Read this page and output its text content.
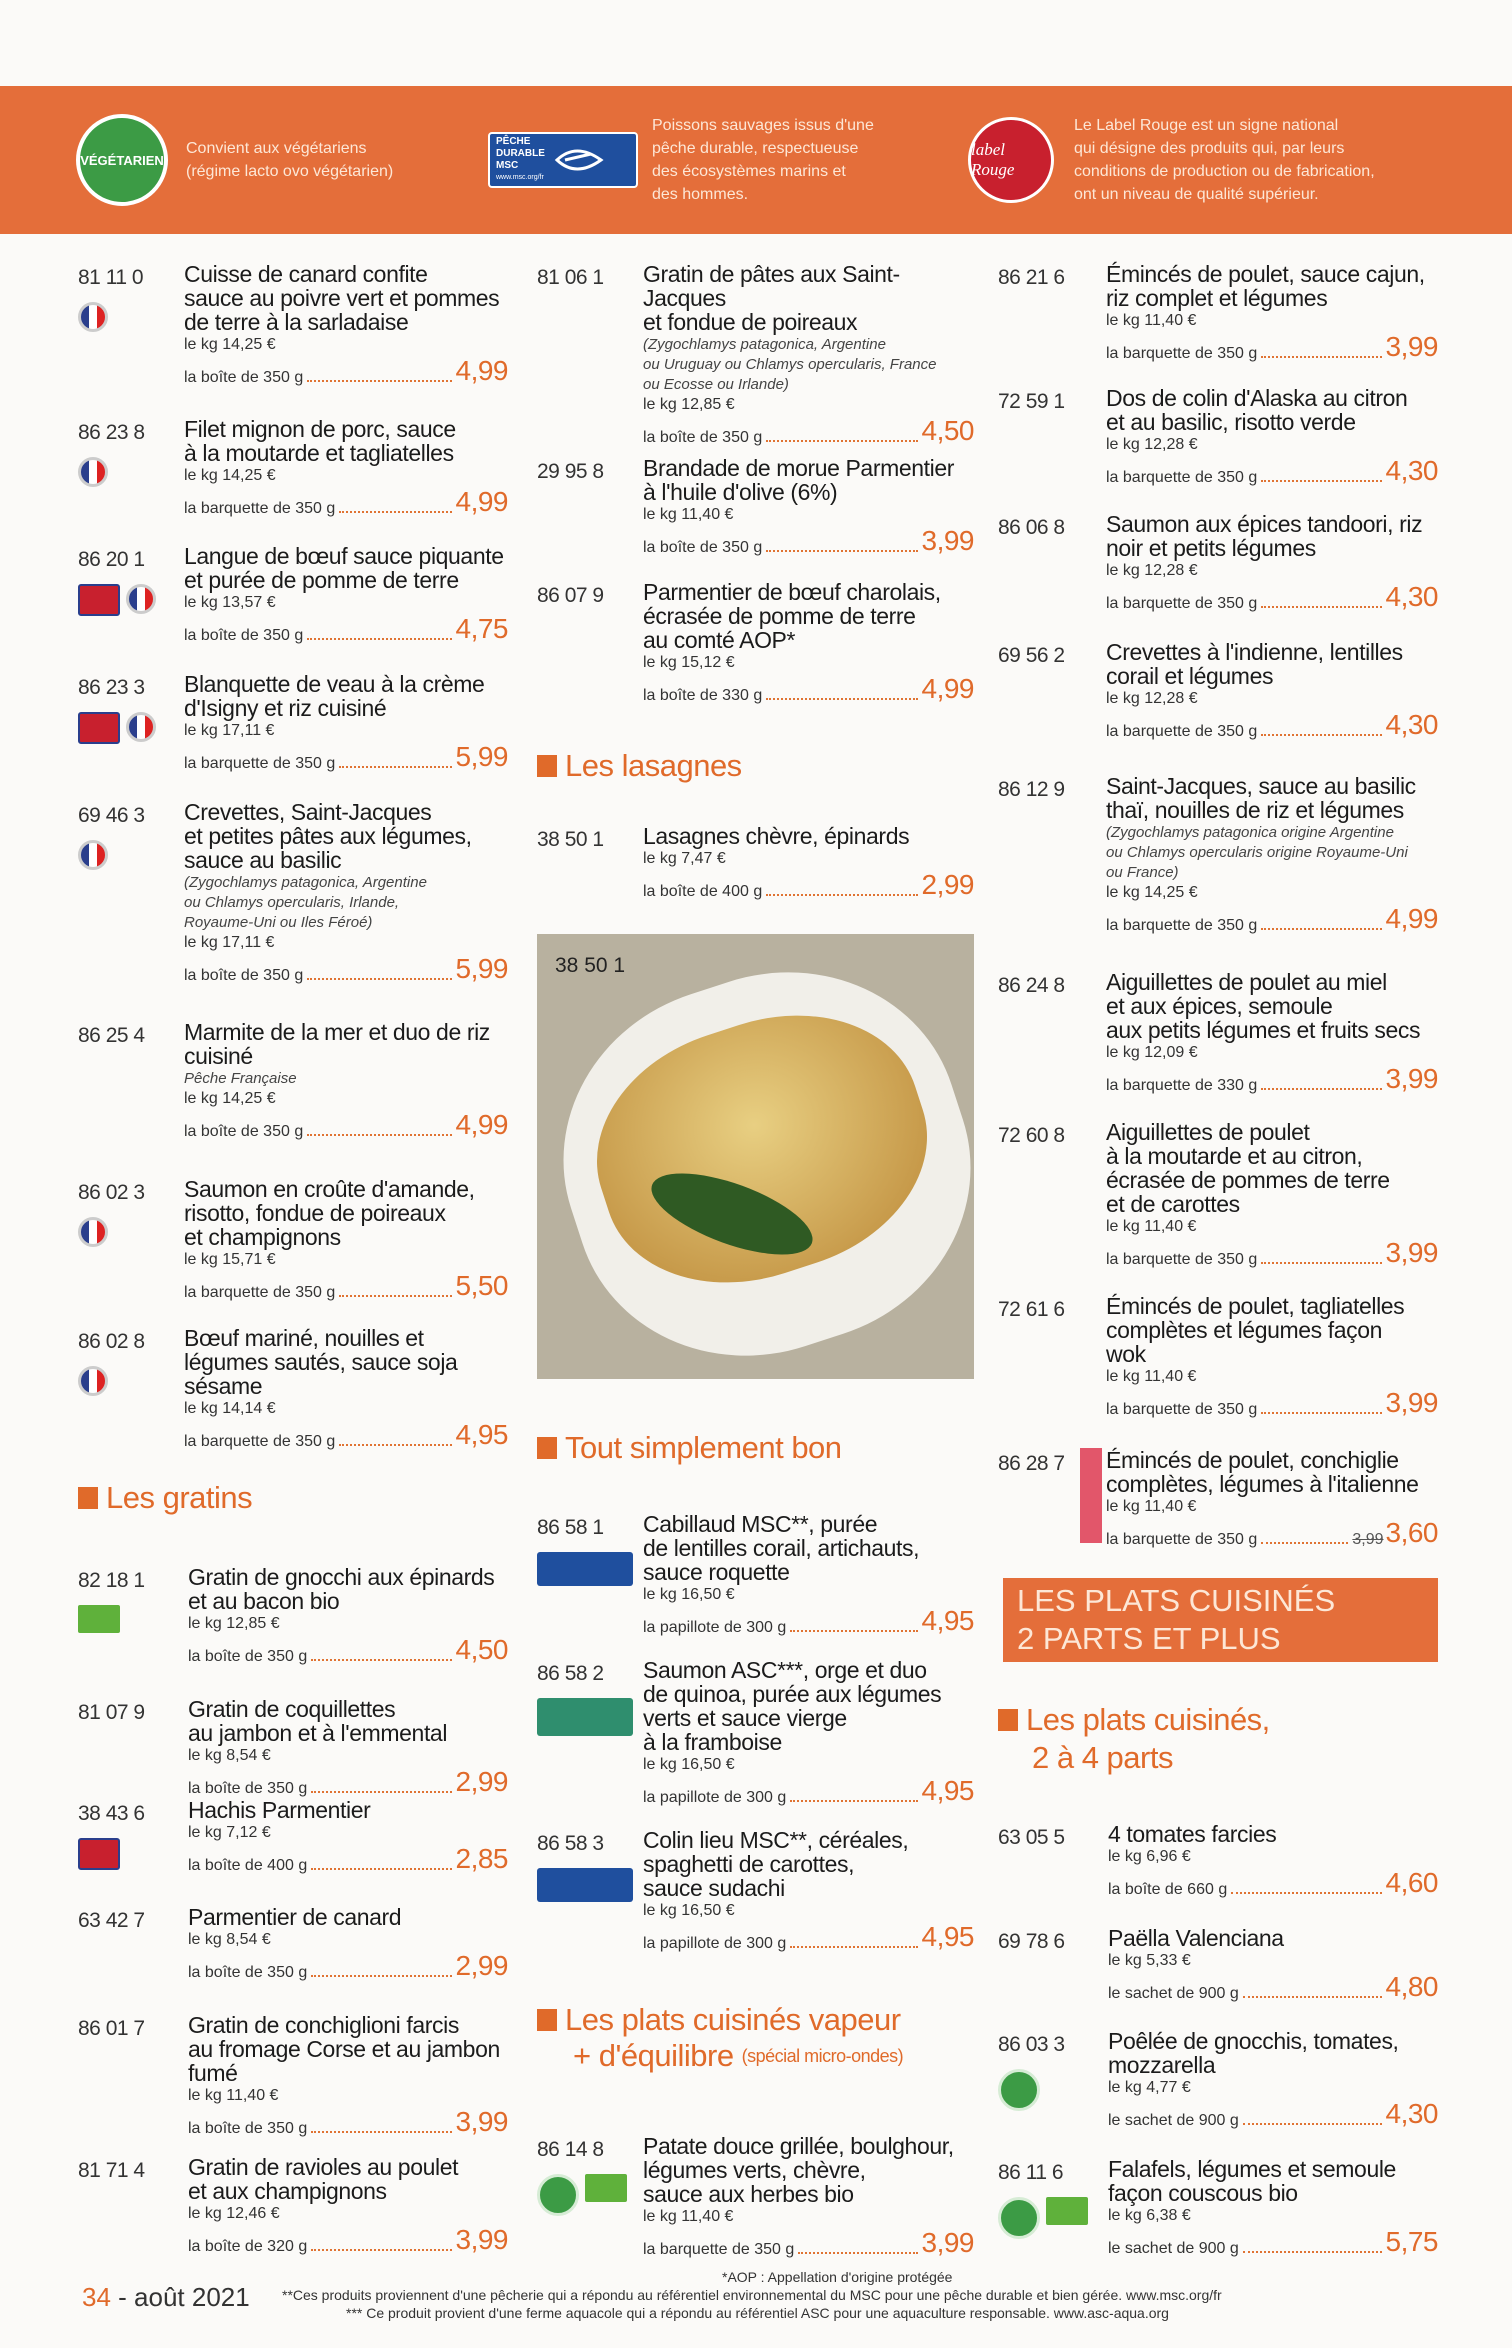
VÉGÉTARIEN
Convient aux végétariens
(régime lacto ovo végétarien)
PÊCHE
DURABLE
MSC
www.msc.org/fr
Poissons sauvages issus d'une
pêche durable, respectueuse
des écosystèmes marins et
des hommes.
label Rouge
Le Label Rouge est un signe national
qui désigne des produits qui, par leurs
conditions de production ou de fabrication,
ont un niveau de qualité supérieur.
81 11 0 Cuisse de canard confite
sauce au poivre vert et pommes
de terre à la sarladaise
le kg 14,25 €
la boîte de 350 g	4,99
86 23 8 Filet mignon de porc, sauce
à la moutarde et tagliatelles
le kg 14,25 €
la barquette de 350 g	4,99
86 20 1 Langue de bœuf sauce piquante
et purée de pomme de terre
le kg 13,57 €
la boîte de 350 g	4,75
86 23 3 Blanquette de veau à la crème
d'Isigny et riz cuisiné
le kg 17,11 €
la barquette de 350 g	5,99
69 46 3 Crevettes, Saint-Jacques
et petites pâtes aux légumes,
sauce au basilic
(Zygochlamys patagonica, Argentine
ou Chlamys opercularis, Irlande,
Royaume-Uni ou Iles Féroé)
le kg 17,11 €
la boîte de 350 g	5,99
86 25 4 Marmite de la mer et duo de riz
cuisiné
Pêche Française
le kg 14,25 €
la boîte de 350 g	4,99
86 02 3 Saumon en croûte d'amande,
risotto, fondue de poireaux
et champignons
le kg 15,71 €
la barquette de 350 g	5,50
86 02 8 Bœuf mariné, nouilles et
légumes sautés, sauce soja
sésame
le kg 14,14 €
la barquette de 350 g	4,95
Les gratins
82 18 1 Gratin de gnocchi aux épinards
et au bacon bio
le kg 12,85 €
la boîte de 350 g	4,50
81 07 9 Gratin de coquillettes
au jambon et à l'emmental
le kg 8,54 €
la boîte de 350 g	2,99
38 43 6 Hachis Parmentier
le kg 7,12 €
la boîte de 400 g	2,85
63 42 7 Parmentier de canard
le kg 8,54 €
la boîte de 350 g	2,99
86 01 7 Gratin de conchiglioni farcis
au fromage Corse et au jambon
fumé
le kg 11,40 €
la boîte de 350 g	3,99
81 71 4 Gratin de ravioles au poulet
et aux champignons
le kg 12,46 €
la boîte de 320 g	3,99
81 06 1 Gratin de pâtes aux Saint-Jacques
et fondue de poireaux
(Zygochlamys patagonica, Argentine
ou Uruguay ou Chlamys opercularis, France
ou Ecosse ou Irlande)
le kg 12,85 €
la boîte de 350 g	4,50
29 95 8 Brandade de morue Parmentier
à l'huile d'olive (6%)
le kg 11,40 €
la boîte de 350 g	3,99
86 07 9 Parmentier de bœuf charolais,
écrasée de pomme de terre
au comté AOP*
le kg 15,12 €
la boîte de 330 g	4,99
Les lasagnes
38 50 1 Lasagnes chèvre, épinards
le kg 7,47 €
la boîte de 400 g	2,99
Tout simplement bon
86 58 1 Cabillaud MSC**, purée
de lentilles corail, artichauts,
sauce roquette
le kg 16,50 €
la papillote de 300 g	4,95
86 58 2 Saumon ASC***, orge et duo
de quinoa, purée aux légumes
verts et sauce vierge
à la framboise
le kg 16,50 €
la papillote de 300 g	4,95
86 58 3 Colin lieu MSC**, céréales,
spaghetti de carottes,
sauce sudachi
le kg 16,50 €
la papillote de 300 g	4,95
Les plats cuisinés vapeur
+ d'équilibre (spécial micro-ondes)
86 14 8 Patate douce grillée, boulghour,
légumes verts, chèvre,
sauce aux herbes bio
le kg 11,40 €
la barquette de 350 g	3,99
86 21 6 Émincés de poulet, sauce cajun,
riz complet et légumes
le kg 11,40 €
la barquette de 350 g	3,99
72 59 1 Dos de colin d'Alaska au citron
et au basilic, risotto verde
le kg 12,28 €
la barquette de 350 g	4,30
86 06 8 Saumon aux épices tandoori, riz
noir et petits légumes
le kg 12,28 €
la barquette de 350 g	4,30
69 56 2 Crevettes à l'indienne, lentilles
corail et légumes
le kg 12,28 €
la barquette de 350 g	4,30
86 12 9 Saint-Jacques, sauce au basilic
thaï, nouilles de riz et légumes
(Zygochlamys patagonica origine Argentine
ou Chlamys opercularis origine Royaume-Uni
ou France)
le kg 14,25 €
la barquette de 350 g	4,99
86 24 8 Aiguillettes de poulet au miel
et aux épices, semoule
aux petits légumes et fruits secs
le kg 12,09 €
la barquette de 330 g	3,99
72 60 8 Aiguillettes de poulet
à la moutarde et au citron,
écrasée de pommes de terre
et de carottes
le kg 11,40 €
la barquette de 350 g	3,99
72 61 6 Émincés de poulet, tagliatelles
complètes et légumes façon
wok
le kg 11,40 €
la barquette de 350 g	3,99
86 28 7 Émincés de poulet, conchiglie
complètes, légumes à l'italienne
le kg 11,40 €
la barquette de 350 g	3,99 3,60
Les plats cuisinés,
2 à 4 parts
63 05 5 4 tomates farcies
le kg 6,96 €
la boîte de 660 g	4,60
69 78 6 Paëlla Valenciana
le kg 5,33 €
le sachet de 900 g	4,80
86 03 3 Poêlée de gnocchis, tomates,
mozzarella
le kg 4,77 €
le sachet de 900 g	4,30
86 11 6 Falafels, légumes et semoule
façon couscous bio
le kg 6,38 €
le sachet de 900 g	5,75
38 50 1
LES PLATS CUISINÉS
2 PARTS ET PLUS
34 - août 2021
*AOP : Appellation d'origine protégée
**Ces produits proviennent d'une pêcherie qui a répondu au référentiel environnemental du MSC pour une pêche durable et bien gérée. www.msc.org/fr
*** Ce produit provient d'une ferme aquacole qui a répondu au référentiel ASC pour une aquaculture responsable. www.asc-aqua.org
